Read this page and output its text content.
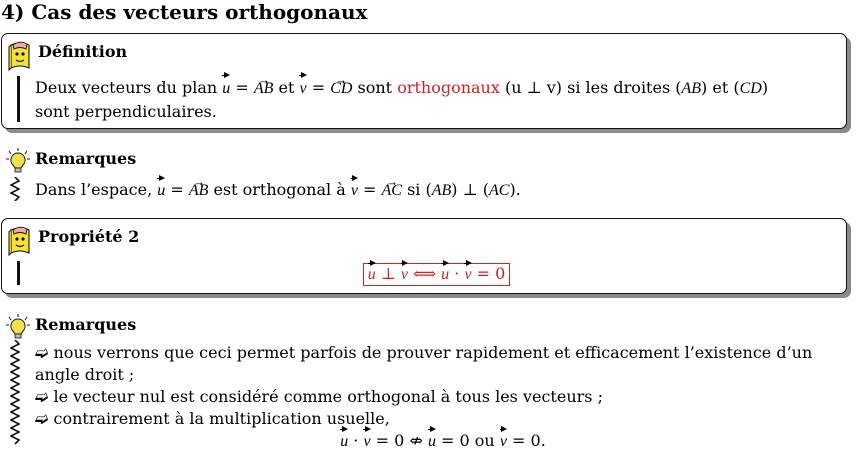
4) Cas des vecteurs orthogonaux
Définition
Deux vecteurs du plan u = AB → et v = CD → sont orthogonaux (u ⊥ v) si les droites (AB) et (CD)
sont perpendiculaires.
Remarques
Dans l’espace, u = AB → est orthogonal à v = AC → si (AB) ⊥ (AC).
Propriété 2
u ⊥ v ⟺ u · v = 0
Remarques
➫ nous verrons que ceci permet parfois de prouver rapidement et efficacement l’existence d’un angle droit ;
➫ le vecteur nul est considéré comme orthogonal à tous les vecteurs ;
➫ contrairement à la multiplication usuelle,
u · v = 0 ⇎ u = 0 ou v = 0.
